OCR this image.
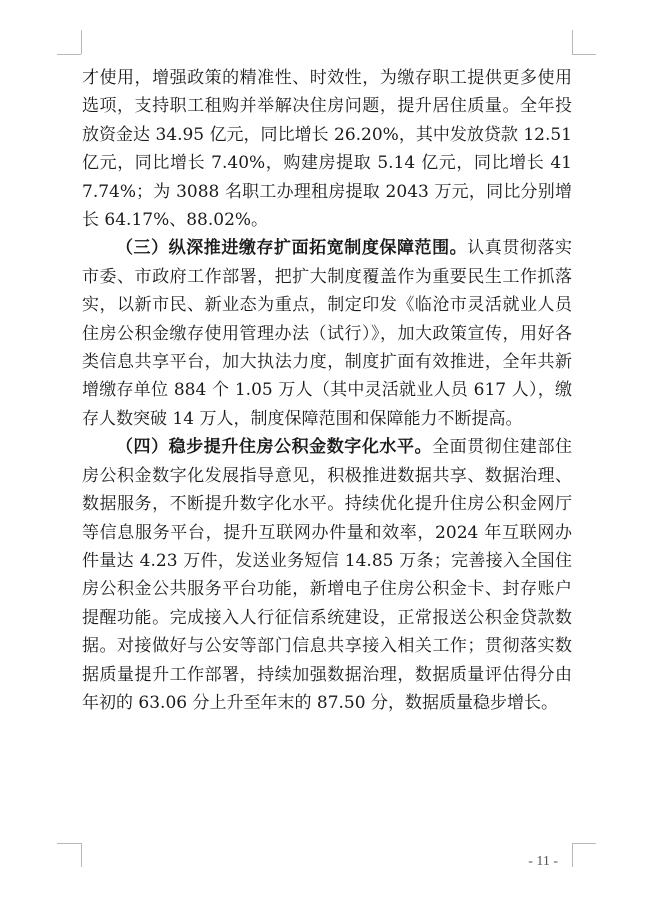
才使用，增强政策的精准性、时效性，为缴存职工提供更多使用选项，支持职工租购并举解决住房问题，提升居住质量。全年投放资金达 34.95 亿元，同比增长 26.20%，其中发放贷款 12.51 亿元，同比增长 7.40%，购建房提取 5.14 亿元，同比增长 417.74%；为 3088 名职工办理租房提取 2043 万元，同比分别增长 64.17%、88.02%。

（三）纵深推进缴存扩面拓宽制度保障范围。认真贯彻落实市委、市政府工作部署，把扩大制度覆盖作为重要民生工作抓落实，以新市民、新业态为重点，制定印发《临沧市灵活就业人员住房公积金缴存使用管理办法（试行）》，加大政策宣传，用好各类信息共享平台，加大执法力度，制度扩面有效推进，全年共新增缴存单位 884 个 1.05 万人（其中灵活就业人员 617 人），缴存人数突破 14 万人，制度保障范围和保障能力不断提高。

（四）稳步提升住房公积金数字化水平。全面贯彻住建部住房公积金数字化发展指导意见，积极推进数据共享、数据治理、数据服务，不断提升数字化水平。持续优化提升住房公积金网厅等信息服务平台，提升互联网办件量和效率，2024 年互联网办件量达 4.23 万件，发送业务短信 14.85 万条；完善接入全国住房公积金公共服务平台功能，新增电子住房公积金卡、封存账户提醒功能。完成接入人行征信系统建设，正常报送公积金贷款数据。对接做好与公安等部门信息共享接入相关工作；贯彻落实数据质量提升工作部署，持续加强数据治理，数据质量评估得分由年初的 63.06 分上升至年末的 87.50 分，数据质量稳步增长。

- 11 -
